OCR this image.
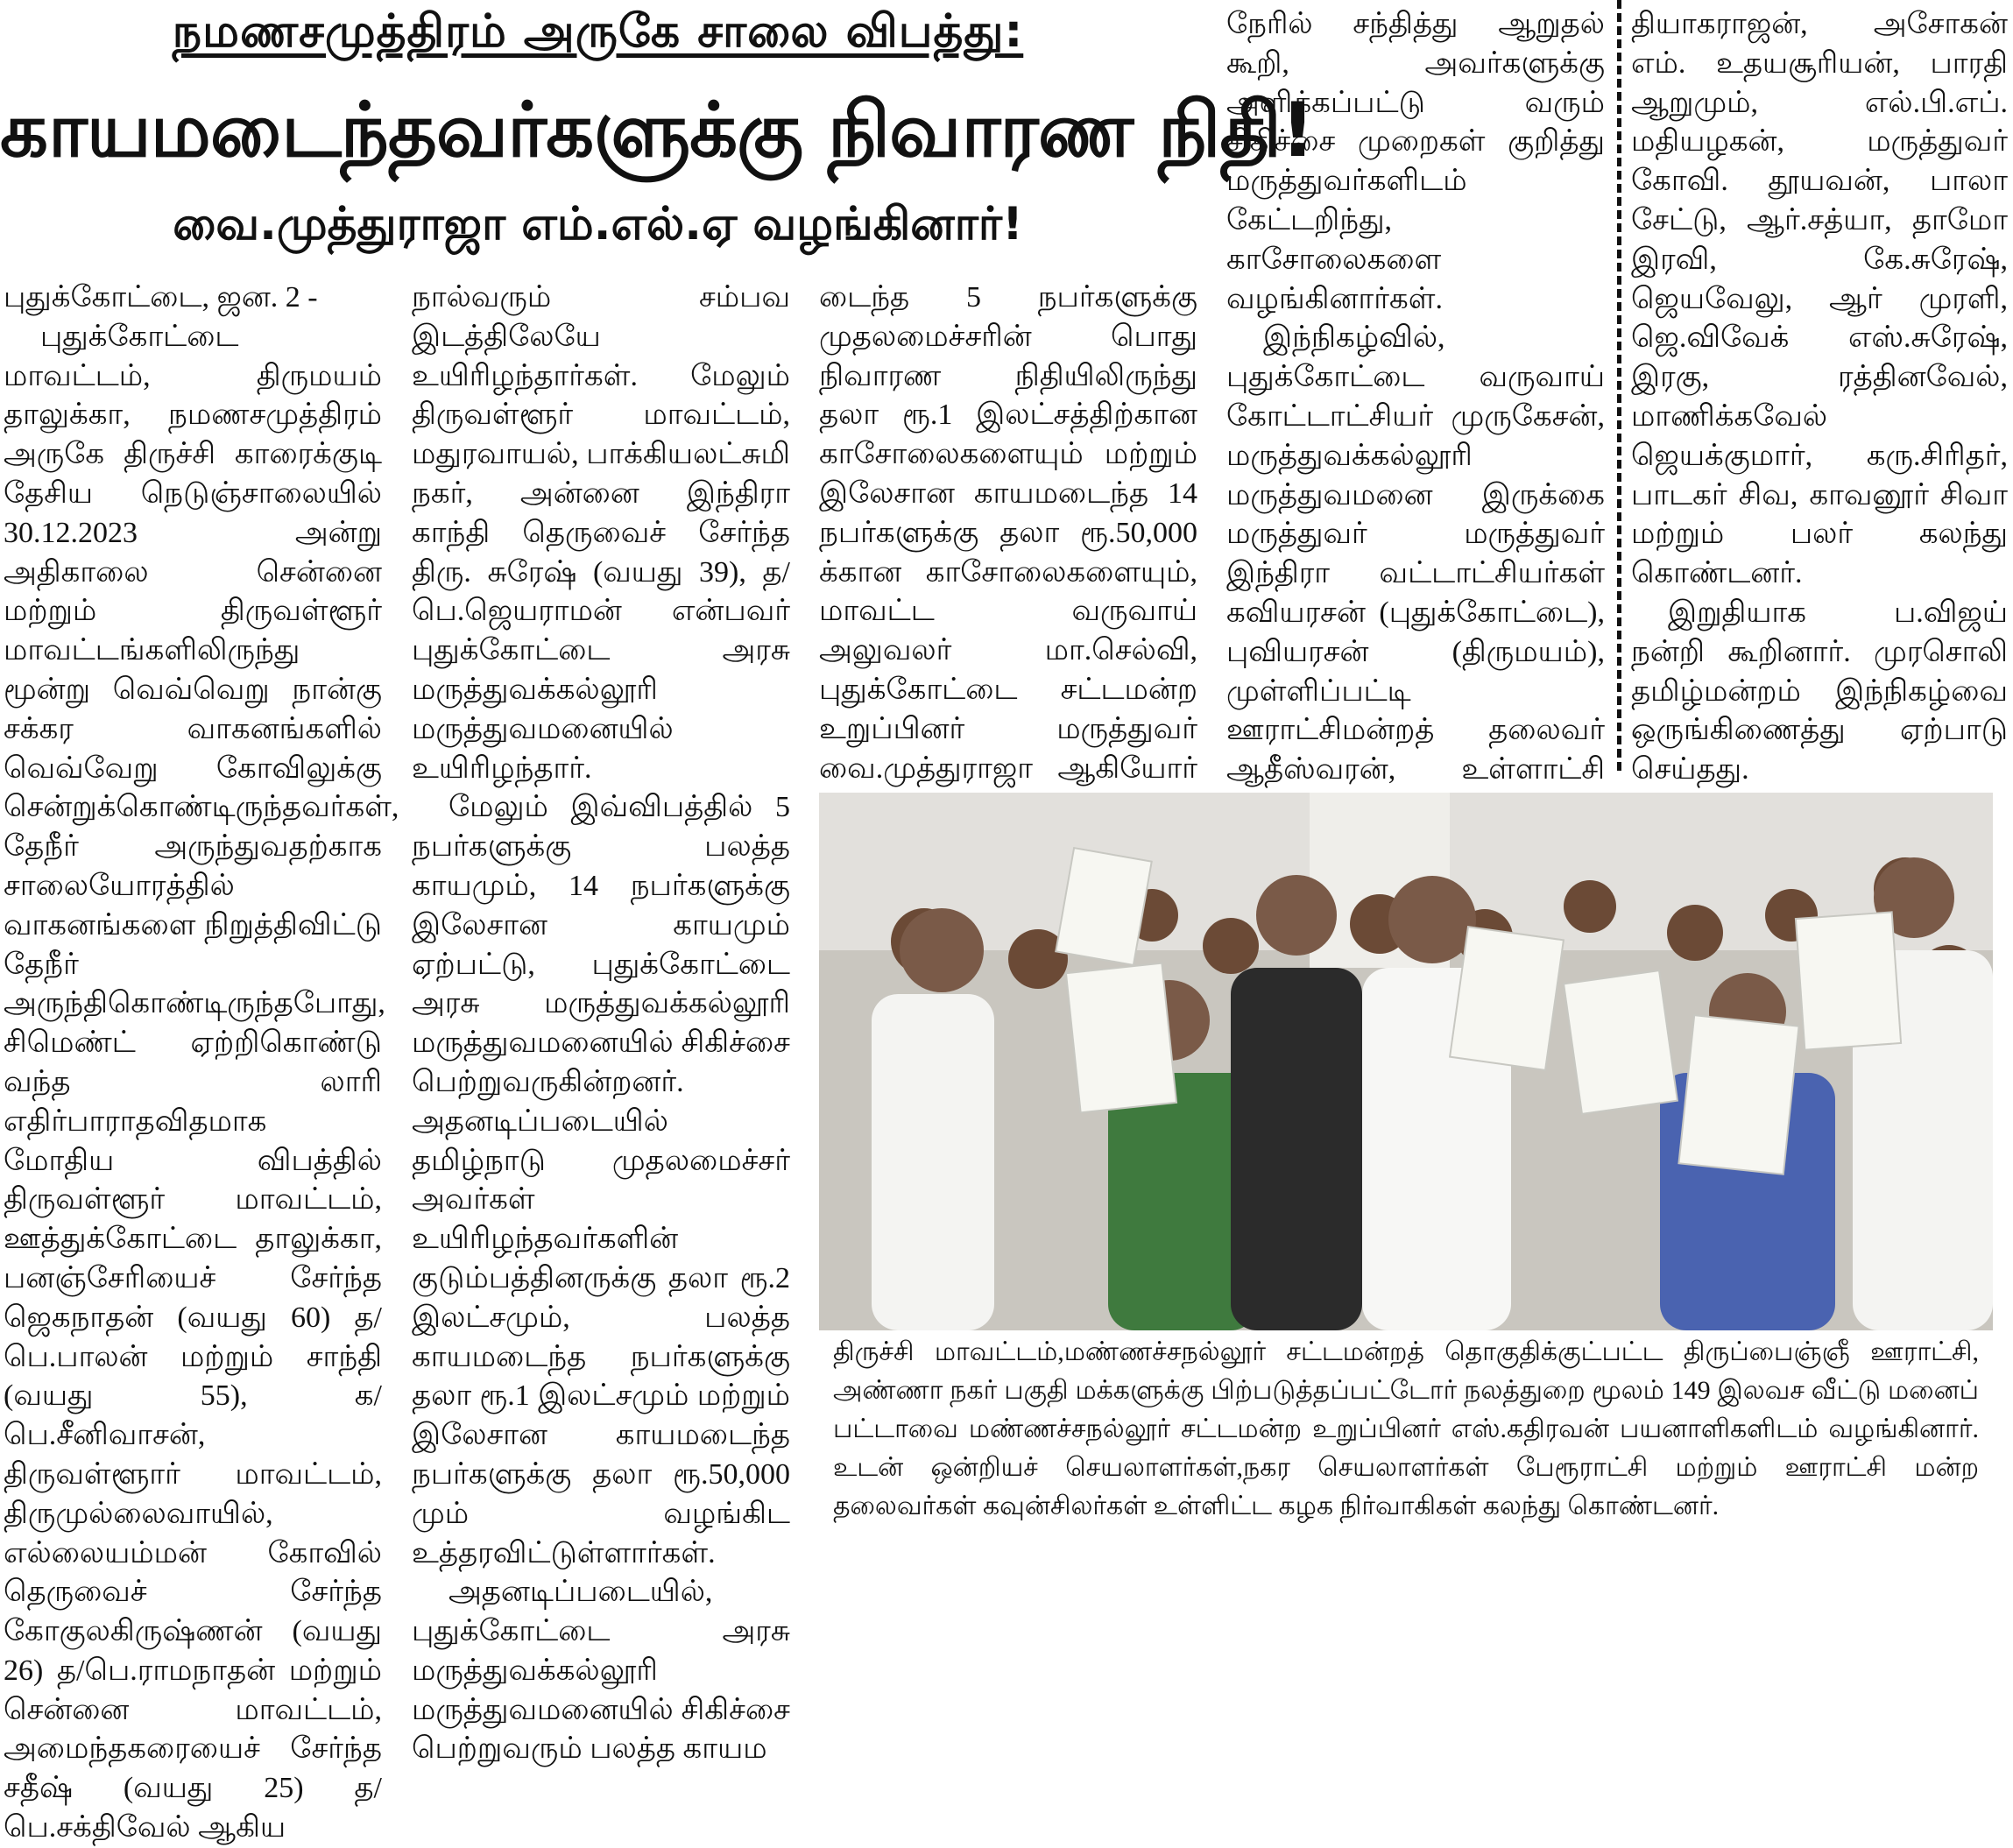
நமணசமுத்திரம் அருகே சாலை விபத்து:
காயமடைந்தவர்களுக்கு நிவாரண நிதி!
வை.முத்துராஜா எம்.எல்.ஏ வழங்கினார்!

புதுக்கோட்டை, ஜன. 2 -

புதுக்கோட்டை மாவட்டம், திருமயம் தாலுக்கா, நமணசமுத்திரம் அருகே திருச்சி காரைக்குடி தேசிய நெடுஞ்சாலையில் 30.12.2023 அன்று அதிகாலை சென்னை மற்றும் திருவள்ளூர் மாவட்டங்களிலிருந்து மூன்று வெவ்வெறு நான்கு சக்கர வாகனங்களில் வெவ்வேறு கோவிலுக்கு சென்றுக்கொண்டிருந்தவர்கள், தேநீர் அருந்துவதற்காக சாலையோரத்தில் வாகனங்களை நிறுத்திவிட்டு தேநீர் அருந்திகொண்டிருந்தபோது, சிமெண்ட் ஏற்றிகொண்டு வந்த லாரி எதிர்பாராதவிதமாக மோதிய விபத்தில் திருவள்ளூர் மாவட்டம், ஊத்துக்கோட்டை தாலுக்கா, பனஞ்சேரியைச் சேர்ந்த ஜெகநாதன் (வயது 60) த/பெ.பாலன் மற்றும் சாந்தி (வயது 55), க/பெ.சீனிவாசன், திருவள்ளூார் மாவட்டம், திருமுல்லைவாயில், எல்லையம்மன் கோவில் தெருவைச் சேர்ந்த கோகுலகிருஷ்ணன் (வயது 26) த/பெ.ராமநாதன் மற்றும் சென்னை மாவட்டம், அமைந்தகரையைச் சேர்ந்த சதீஷ் (வயது 25) த/பெ.சக்திவேல் ஆகிய

நால்வரும் சம்பவ இடத்திலேயே உயிரிழந்தார்கள். மேலும் திருவள்ளூர் மாவட்டம், மதுரவாயல், பாக்கியலட்சுமி நகர், அன்னை இந்திரா காந்தி தெருவைச் சேர்ந்த திரு. சுரேஷ் (வயது 39), த/பெ.ஜெயராமன் என்பவர் புதுக்கோட்டை அரசு மருத்துவக்கல்லூரி மருத்துவமனையில் உயிரிழந்தார்.

மேலும் இவ்விபத்தில் 5 நபர்களுக்கு பலத்த காயமும், 14 நபர்களுக்கு இலேசான காயமும் ஏற்பட்டு, புதுக்கோட்டை அரசு மருத்துவக்கல்லூரி மருத்துவமனையில் சிகிச்சை பெற்றுவருகின்றனர். அதனடிப்படையில் தமிழ்நாடு முதலமைச்சர் அவர்கள் உயிரிழந்தவர்களின் குடும்பத்தினருக்கு தலா ரூ.2 இலட்சமும், பலத்த காயமடைந்த நபர்களுக்கு தலா ரூ.1 இலட்சமும் மற்றும் இலேசான காயமடைந்த நபர்களுக்கு தலா ரூ.50,000 மும் வழங்கிட உத்தரவிட்டுள்ளார்கள்.

அதனடிப்படையில், புதுக்கோட்டை அரசு மருத்துவக்கல்லூரி மருத்துவமனையில் சிகிச்சை பெற்றுவரும் பலத்த காயம

டைந்த 5 நபர்களுக்கு முதலமைச்சரின் பொது நிவாரண நிதியிலிருந்து தலா ரூ.1 இலட்சத்திற்கான காசோலைகளையும் மற்றும் இலேசான காயமடைந்த 14 நபர்களுக்கு தலா ரூ.50,000 க்கான காசோலைகளையும், மாவட்ட வருவாய் அலுவலர் மா.செல்வி, புதுக்கோட்டை சட்டமன்ற உறுப்பினர் மருத்துவர் வை.முத்துராஜா ஆகியோர்

நேரில் சந்தித்து ஆறுதல் கூறி, அவர்களுக்கு அளிக்கப்பட்டு வரும் சிகிச்சை முறைகள் குறித்து மருத்துவர்களிடம் கேட்டறிந்து, காசோலைகளை வழங்கினார்கள்.

இந்நிகழ்வில், புதுக்கோட்டை வருவாய் கோட்டாட்சியர் முருகேசன், மருத்துவக்கல்லூரி மருத்துவமனை இருக்கை மருத்துவர் மருத்துவர் இந்திரா வட்டாட்சியர்கள் கவியரசன் (புதுக்கோட்டை), புவியரசன் (திருமயம்), முள்ளிப்பட்டி ஊராட்சிமன்றத் தலைவர் ஆதீஸ்வரன், உள்ளாட்சி

தியாகராஜன், அசோகன் எம். உதயசூரியன், பாரதி ஆறுமும், எல்.பி.எப். மதியழகன், மருத்துவர் கோவி. தூயவன், பாலா சேட்டு, ஆர்.சத்யா, தாமோ இரவி, கே.சுரேஷ், ஜெயவேலு, ஆர் முரளி, ஜெ.விவேக் எஸ்.சுரேஷ், இரகு, ரத்தினவேல், மாணிக்கவேல் ஜெயக்குமார், கரு.சிரிதர், பாடகர் சிவ, காவனூர் சிவா மற்றும் பலர் கலந்து கொண்டனர்.

இறுதியாக ப.விஜய் நன்றி கூறினார். முரசொலி தமிழ்மன்றம் இந்நிகழ்வை ஒருங்கிணைத்து ஏற்பாடு செய்தது.

திருச்சி மாவட்டம்,மண்ணச்சநல்லூர் சட்டமன்றத் தொகுதிக்குட்பட்ட திருப்பைஞ்ஞீ ஊராட்சி, அண்ணா நகர் பகுதி மக்களுக்கு பிற்படுத்தப்பட்டோர் நலத்துறை மூலம் 149 இலவச வீட்டு மனைப் பட்டாவை மண்ணச்சநல்லூர் சட்டமன்ற உறுப்பினர் எஸ்.கதிரவன் பயனாளிகளிடம் வழங்கினார். உடன் ஒன்றியச் செயலாளர்கள்,நகர செயலாளர்கள் பேரூராட்சி மற்றும் ஊராட்சி மன்ற தலைவர்கள் கவுன்சிலர்கள் உள்ளிட்ட கழக நிர்வாகிகள் கலந்து கொண்டனர்.
